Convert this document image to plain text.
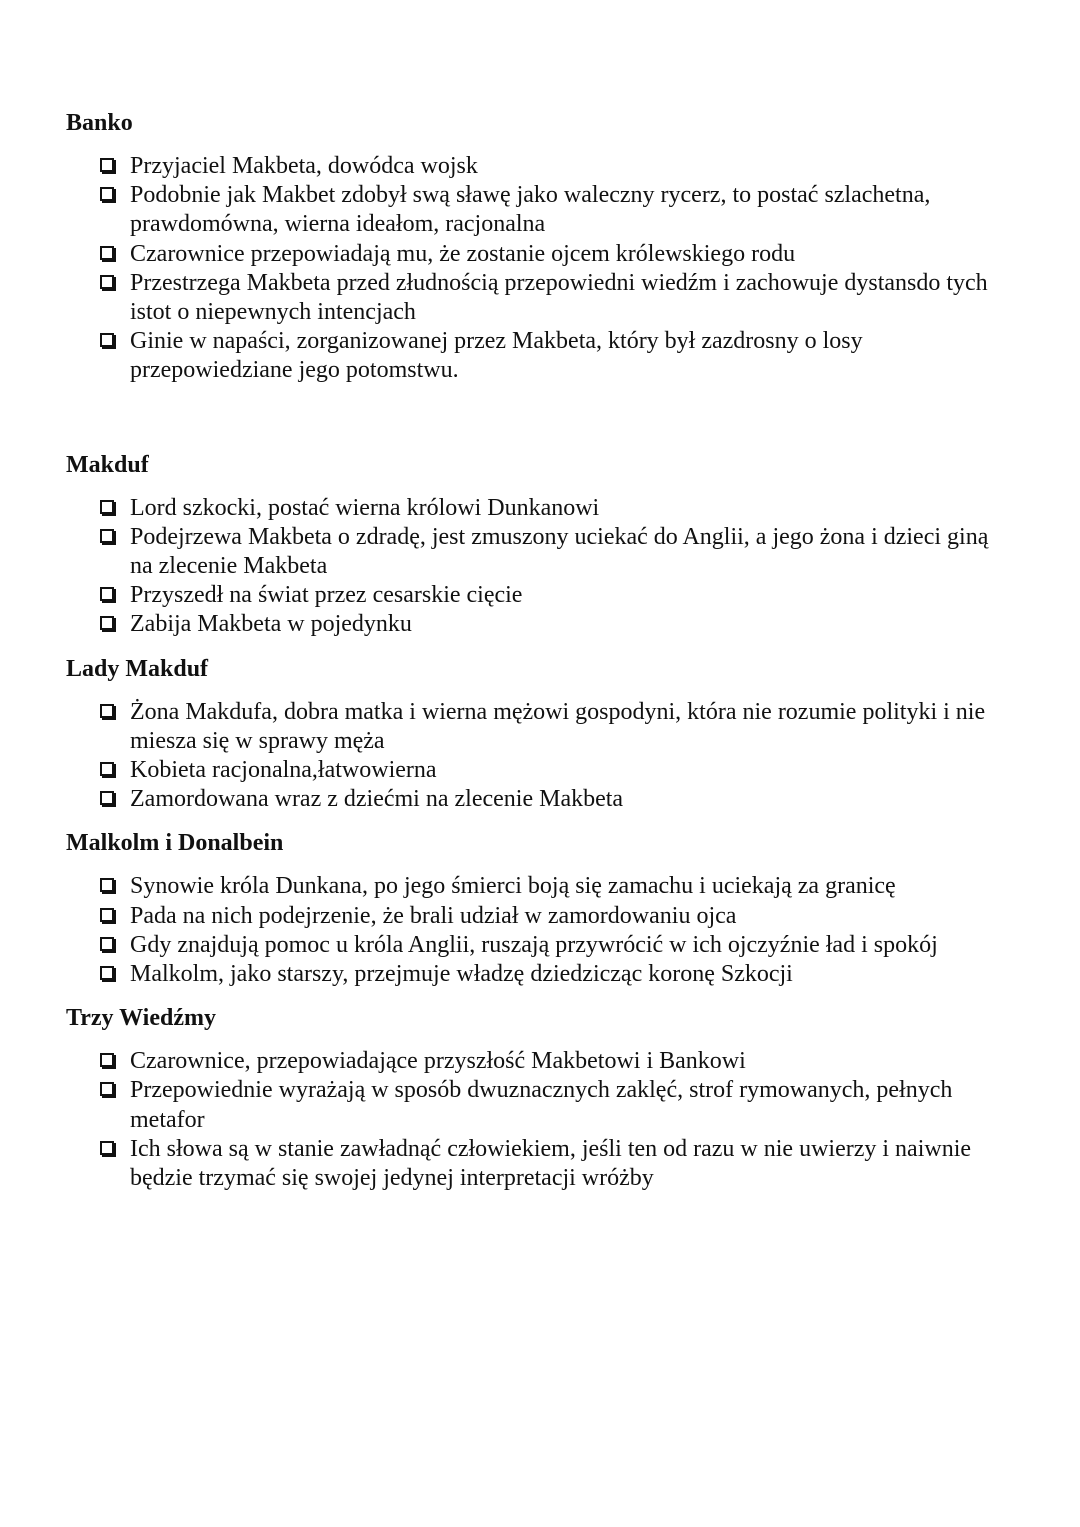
Banko
Przyjaciel Makbeta, dowódca wojsk
Podobnie jak Makbet zdobył swą sławę jako waleczny rycerz, to postać szlachetna, prawdomówna, wierna ideałom, racjonalna
Czarownice przepowiadają mu, że zostanie ojcem królewskiego rodu
Przestrzega Makbeta przed złudnością przepowiedni wiedźm i zachowuje dystansdo tych istot o niepewnych intencjach
Ginie w napaści, zorganizowanej przez Makbeta, który był zazdrosny o losy przepowiedziane jego potomstwu.
Makduf
Lord szkocki, postać wierna królowi Dunkanowi
Podejrzewa Makbeta o zdradę, jest zmuszony uciekać do Anglii, a jego żona i dzieci giną na zlecenie Makbeta
Przyszedł na świat przez cesarskie cięcie
Zabija Makbeta w pojedynku
Lady Makduf
Żona Makdufa, dobra matka i wierna mężowi gospodyni, która nie rozumie polityki i nie miesza się w sprawy męża
Kobieta racjonalna,łatwowierna
Zamordowana wraz z dziećmi na zlecenie Makbeta
Malkolm i Donalbein
Synowie króla Dunkana, po jego śmierci boją się zamachu i uciekają za granicę
Pada na nich podejrzenie, że brali udział w zamordowaniu ojca
Gdy znajdują pomoc u króla Anglii, ruszają przywrócić w ich ojczyźnie ład i spokój
Malkolm, jako starszy, przejmuje władzę dziedzicząc koronę Szkocji
Trzy Wiedźmy
Czarownice, przepowiadające przyszłość Makbetowi i Bankowi
Przepowiednie wyrażają w sposób dwuznacznych zaklęć, strof rymowanych, pełnych metafor
Ich słowa są w stanie zawładnąć człowiekiem, jeśli ten od razu w nie uwierzy i naiwnie będzie trzymać się swojej jedynej interpretacji wróżby
